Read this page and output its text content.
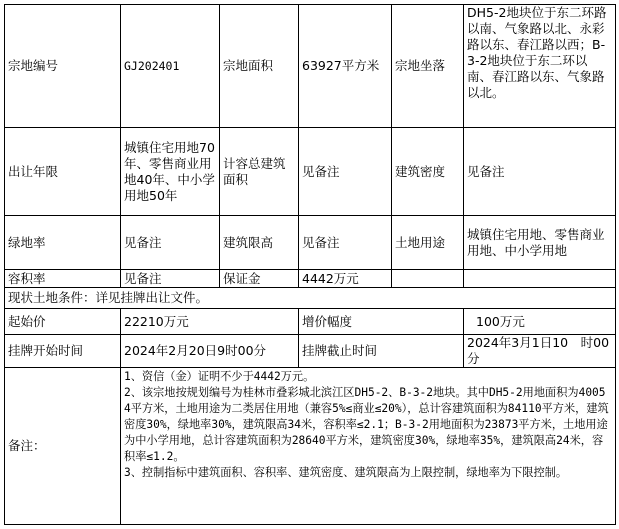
宗地编号	GJ202401	宗地面积	63927平方米	宗地坐落	DH5-2地块位于东二环路以南、气象路以北、永彩路以东、春江路以西；B-3-2地块位于东二环以南、春江路以东、气象路以北。
出让年限	城镇住宅用地70年、零售商业用地40年、中小学用地50年	计容总建筑面积	见备注	建筑密度	见备注
绿地率	见备注	建筑限高	见备注	土地用途	城镇住宅用地、零售商业用地、中小学用地
容积率	见备注	保证金	4442万元		
现状土地条件：详见挂牌出让文件。					
起始价	22210万元		增价幅度		100万元
挂牌开始时间	2024年2月20日9时00分		挂牌截止时间		2024年3月1日10　时00分
备注：	1、资信（金）证明不少于4442万元。
2、该宗地按规划编号为桂林市叠彩城北滨江区DH5-2、B-3-2地块。其中DH5-2用地面积为40054平方米，土地用途为二类居住用地（兼容5%≤商业≤20%），总计容建筑面积为84110平方米，建筑密度30%，绿地率30%，建筑限高34米，容积率≤2.1；B-3-2用地面积为23873平方米，土地用途为中小学用地，总计容建筑面积为28640平方米，建筑密度30%，绿地率35%，建筑限高24米，容积率≤1.2。
3、控制指标中建筑面积、容积率、建筑密度、建筑限高为上限控制，绿地率为下限控制。				
